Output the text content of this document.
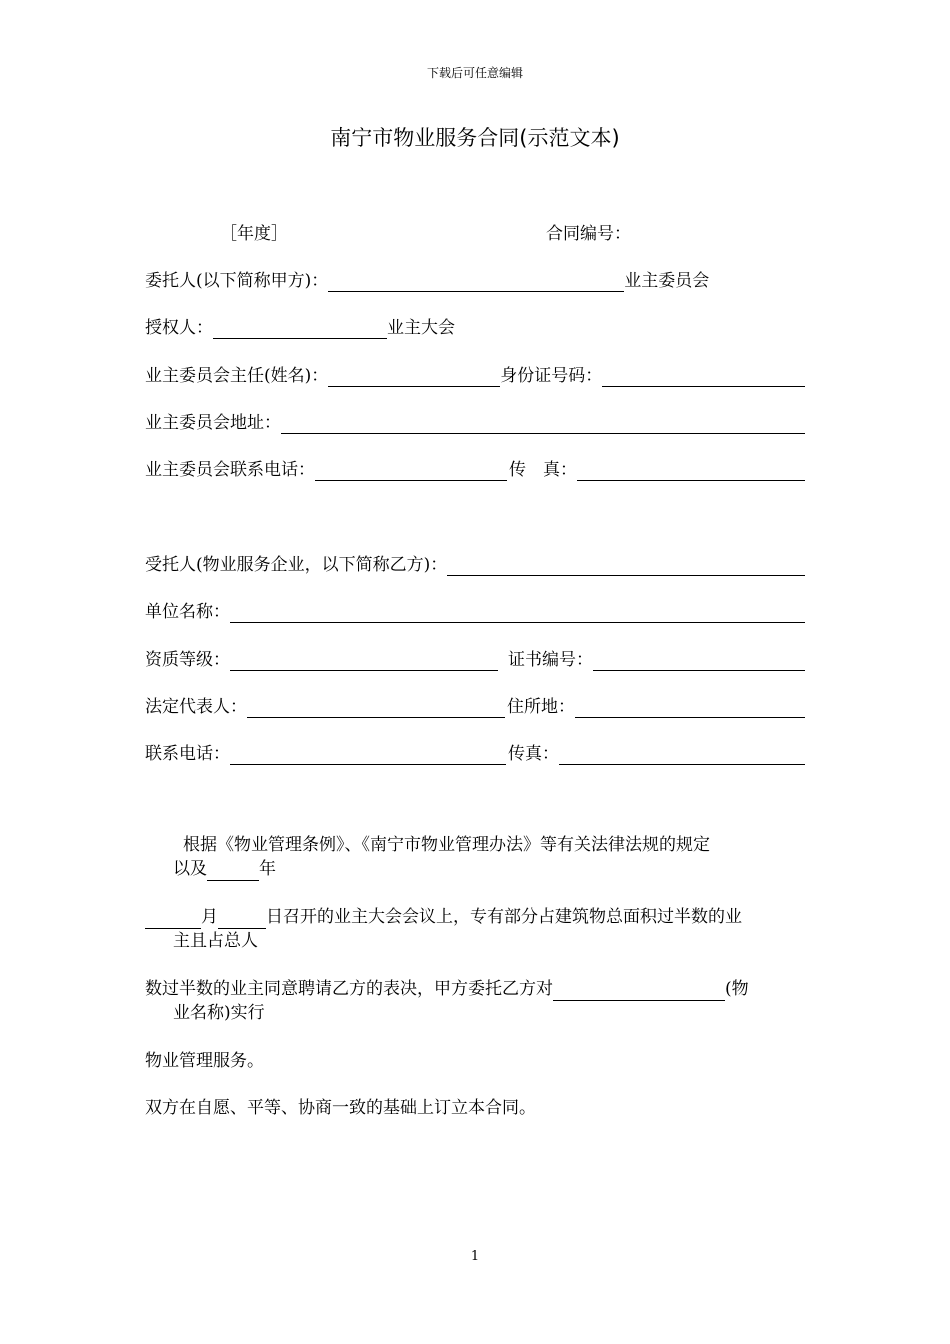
下载后可任意编辑
南宁市物业服务合同(示范文本)
［年度］	合同编号：
委托人(以下简称甲方)：	业主委员会
授权人：	业主大会
业主委员会主任(姓名)：	身份证号码：
业主委员会地址：
业主委员会联系电话：	传　真：
受托人(物业服务企业，以下简称乙方)：
单位名称：
资质等级：	证书编号：
法定代表人：	住所地：
联系电话：	传真：
根据《物业管理条例》、《南宁市物业管理办法》等有关法律法规的规定
以及	年
月	日召开的业主大会会议上，专有部分占建筑物总面积过半数的业
主且占总人
数过半数的业主同意聘请乙方的表决，甲方委托乙方对	(物
业名称)实行
物业管理服务。
双方在自愿、平等、协商一致的基础上订立本合同。
1
